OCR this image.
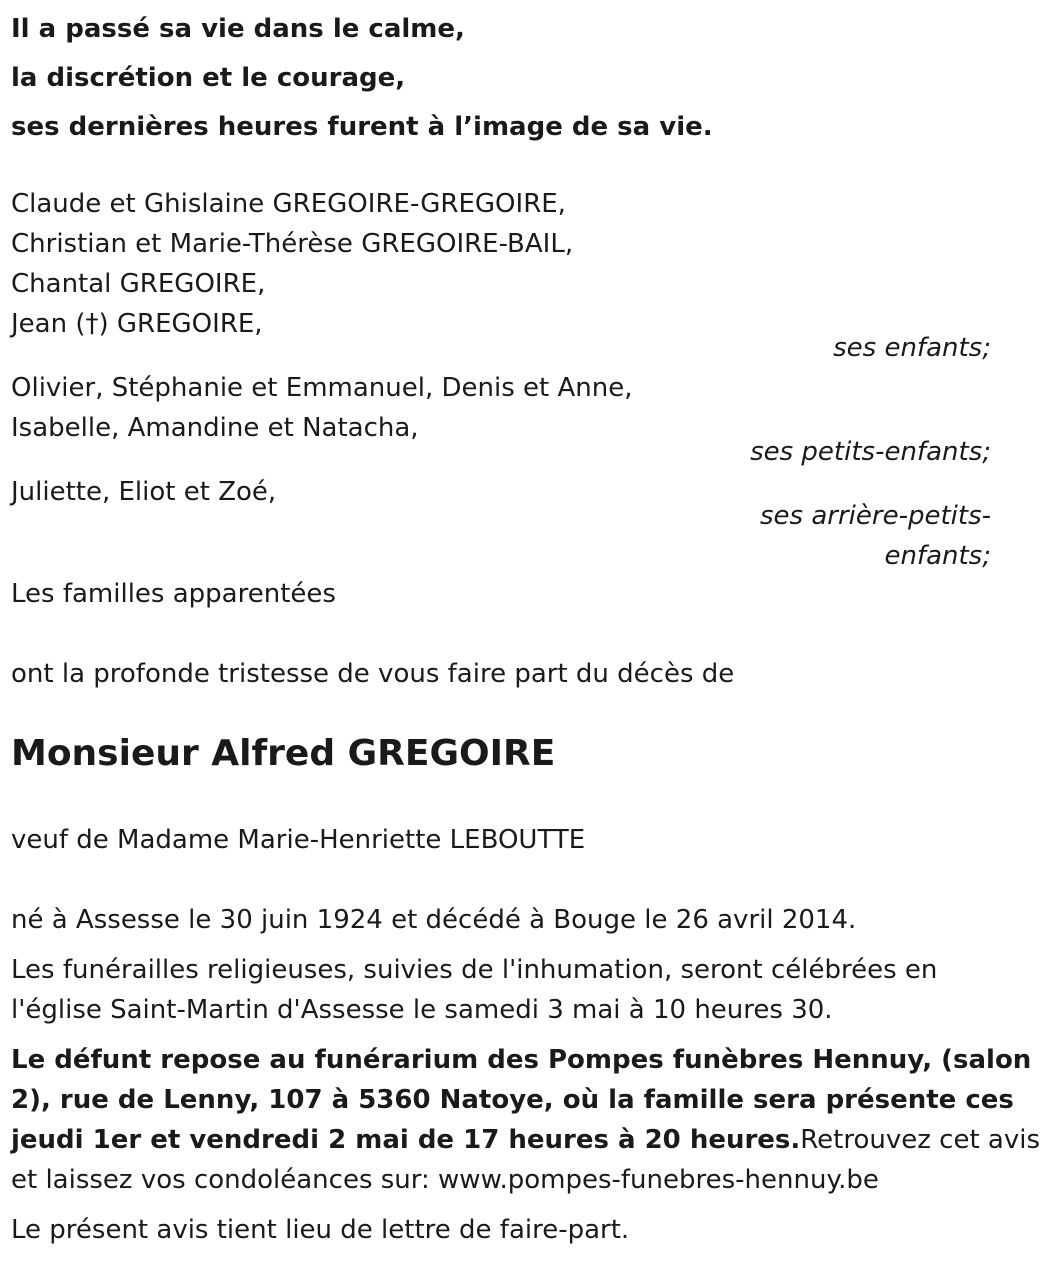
Il a passé sa vie dans le calme,
la discrétion et le courage,
ses dernières heures furent à l’image de sa vie.
Claude et Ghislaine GREGOIRE-GREGOIRE,
Christian et Marie-Thérèse GREGOIRE-BAIL,
Chantal GREGOIRE,
Jean (†) GREGOIRE,
ses enfants;
Olivier, Stéphanie et Emmanuel, Denis et Anne,
Isabelle, Amandine et Natacha,
ses petits-enfants;
Juliette, Eliot et Zoé,
ses arrière-petits-
enfants;
Les familles apparentées
ont la profonde tristesse de vous faire part du décès de
Monsieur Alfred GREGOIRE
veuf de Madame Marie-Henriette LEBOUTTE
né à Assesse le 30 juin 1924 et décédé à Bouge le 26 avril 2014.
Les funérailles religieuses, suivies de l'inhumation, seront célébrées en
l'église Saint-Martin d'Assesse le samedi 3 mai à 10 heures 30.
Le défunt repose au funérarium des Pompes funèbres Hennuy, (salon
2), rue de Lenny, 107 à 5360 Natoye, où la famille sera présente ces
jeudi 1er et vendredi 2 mai de 17 heures à 20 heures.Retrouvez cet avis
et laissez vos condoléances sur: www.pompes-funebres-hennuy.be
Le présent avis tient lieu de lettre de faire-part.
